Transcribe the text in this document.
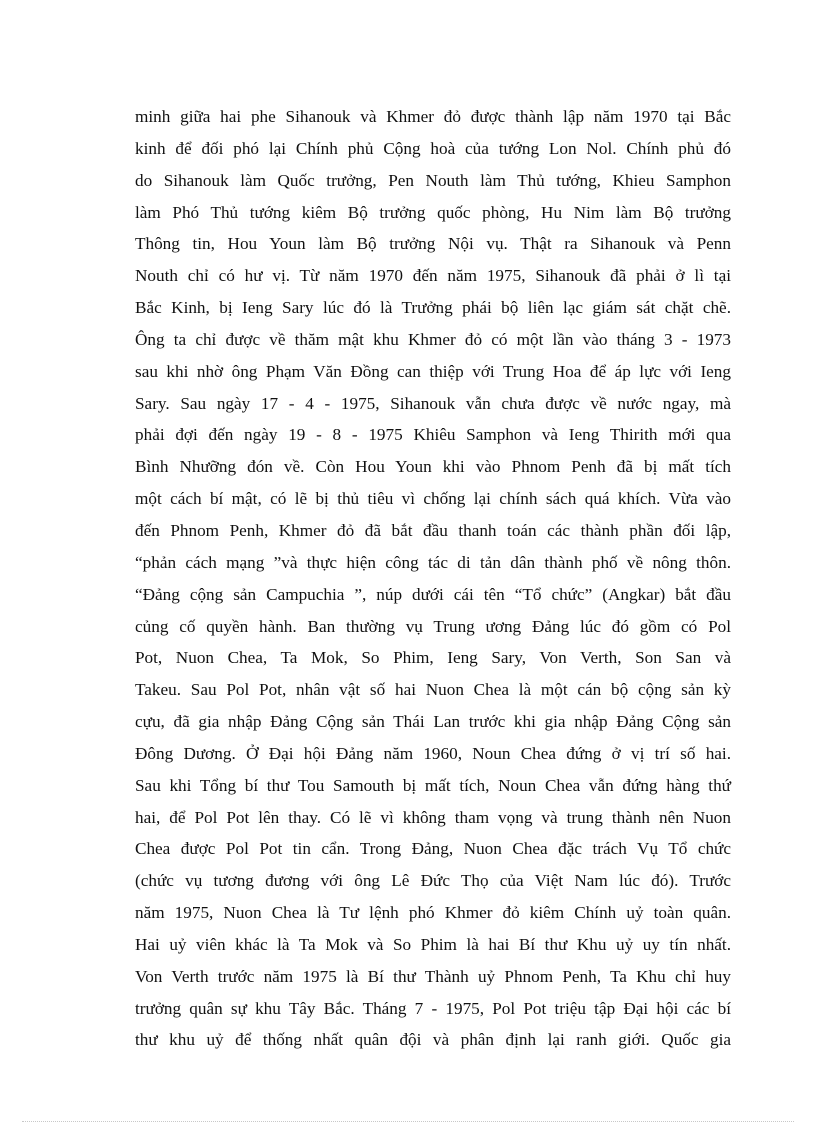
minh giữa hai phe Sihanouk và Khmer đỏ được thành lập năm 1970 tại Bắc
kinh để đối phó lại Chính phủ Cộng hoà của tướng Lon Nol. Chính phủ đó
do Sihanouk làm Quốc trưởng, Pen Nouth làm Thủ tướng, Khieu Samphon
làm Phó Thủ tướng kiêm Bộ trưởng quốc phòng, Hu Nim làm Bộ trưởng
Thông tin, Hou Youn làm Bộ trưởng Nội vụ. Thật ra Sihanouk và Penn
Nouth chỉ có hư vị. Từ năm 1970 đến năm 1975, Sihanouk đã phải ở lì tại
Bắc Kinh, bị Ieng Sary lúc đó là Trưởng phái bộ liên lạc giám sát chặt chẽ.
Ông ta chỉ được về thăm mật khu Khmer đỏ có một lần vào tháng 3 - 1973
sau khi nhờ ông Phạm Văn Đồng can thiệp với Trung Hoa để áp lực với Ieng
Sary. Sau ngày 17 - 4 - 1975, Sihanouk vẫn chưa được về nước ngay, mà
phải đợi đến ngày 19 - 8 - 1975 Khiêu Samphon và Ieng Thirith mới qua
Bình Nhưỡng đón về. Còn Hou Youn khi vào Phnom Penh đã bị mất tích
một cách bí mật, có lẽ bị thủ tiêu vì chống lại chính sách quá khích. Vừa vào
đến Phnom Penh, Khmer đỏ đã bắt đầu thanh toán các thành phần đối lập,
“phản cách mạng ”và thực hiện công tác di tản dân thành phố về nông thôn.
“Đảng cộng sản Campuchia ”, núp dưới cái tên “Tổ chức” (Angkar) bắt đầu
củng cố quyền hành. Ban thường vụ Trung ương Đảng lúc đó gồm có Pol
Pot, Nuon Chea, Ta Mok, So Phim, Ieng Sary, Von Verth, Son San và
Takeu. Sau Pol Pot, nhân vật số hai Nuon Chea là một cán bộ cộng sản kỳ
cựu, đã gia nhập Đảng Cộng sản Thái Lan trước khi gia nhập Đảng Cộng sản
Đông Dương. Ở Đại hội Đảng năm 1960, Noun Chea đứng ở vị trí số hai.
Sau khi Tổng bí thư Tou Samouth bị mất tích, Noun Chea vẫn đứng hàng thứ
hai, để Pol Pot lên thay. Có lẽ vì không tham vọng và trung thành nên Nuon
Chea được Pol Pot tin cẩn. Trong Đảng, Nuon Chea đặc trách Vụ Tổ chức
(chức vụ tương đương với ông Lê Đức Thọ của Việt Nam lúc đó). Trước
năm 1975, Nuon Chea là Tư lệnh phó Khmer đỏ kiêm Chính uỷ toàn quân.
Hai uỷ viên khác là Ta Mok và So Phim là hai Bí thư Khu uỷ uy tín nhất.
Von Verth trước năm 1975 là Bí thư Thành uỷ Phnom Penh, Ta Khu chỉ huy
trưởng quân sự khu Tây Bắc. Tháng 7 - 1975, Pol Pot triệu tập Đại hội các bí
thư khu uỷ để thống nhất quân đội và phân định lại ranh giới. Quốc gia
